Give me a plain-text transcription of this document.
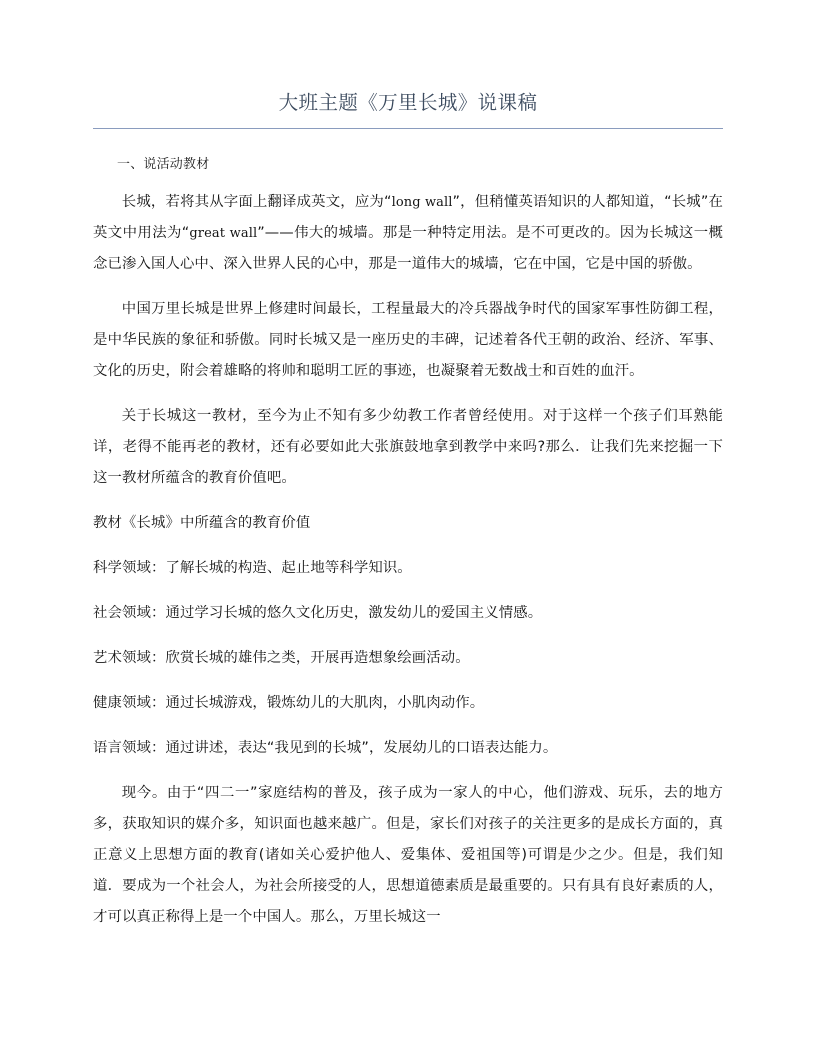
大班主题《万里长城》说课稿
一、说活动教材

长城，若将其从字面上翻译成英文，应为“long wall”，但稍懂英语知识的人都知道，“长城”在英文中用法为“great wall”——伟大的城墙。那是一种特定用法。是不可更改的。因为长城这一概念已渗入国人心中、深入世界人民的心中，那是一道伟大的城墙，它在中国，它是中国的骄傲。

中国万里长城是世界上修建时间最长，工程量最大的冷兵器战争时代的国家军事性防御工程，是中华民族的象征和骄傲。同时长城又是一座历史的丰碑，记述着各代王朝的政治、经济、军事、文化的历史，附会着雄略的将帅和聪明工匠的事迹，也凝聚着无数战士和百姓的血汗。

关于长城这一教材，至今为止不知有多少幼教工作者曾经使用。对于这样一个孩子们耳熟能详，老得不能再老的教材，还有必要如此大张旗鼓地拿到教学中来吗?那么．让我们先来挖掘一下这一教材所蕴含的教育价值吧。

教材《长城》中所蕴含的教育价值

科学领域：了解长城的构造、起止地等科学知识。

社会领域：通过学习长城的悠久文化历史，激发幼儿的爱国主义情感。

艺术领域：欣赏长城的雄伟之类，开展再造想象绘画活动。

健康领域：通过长城游戏，锻炼幼儿的大肌肉，小肌肉动作。

语言领域：通过讲述，表达“我见到的长城”，发展幼儿的口语表达能力。

现今。由于“四二一”家庭结构的普及，孩子成为一家人的中心，他们游戏、玩乐，去的地方多，获取知识的媒介多，知识面也越来越广。但是，家长们对孩子的关注更多的是成长方面的，真正意义上思想方面的教育(诸如关心爱护他人、爱集体、爱祖国等)可谓是少之少。但是，我们知道．要成为一个社会人，为社会所接受的人，思想道德素质是最重要的。只有具有良好素质的人，才可以真正称得上是一个中国人。那么，万里长城这一
